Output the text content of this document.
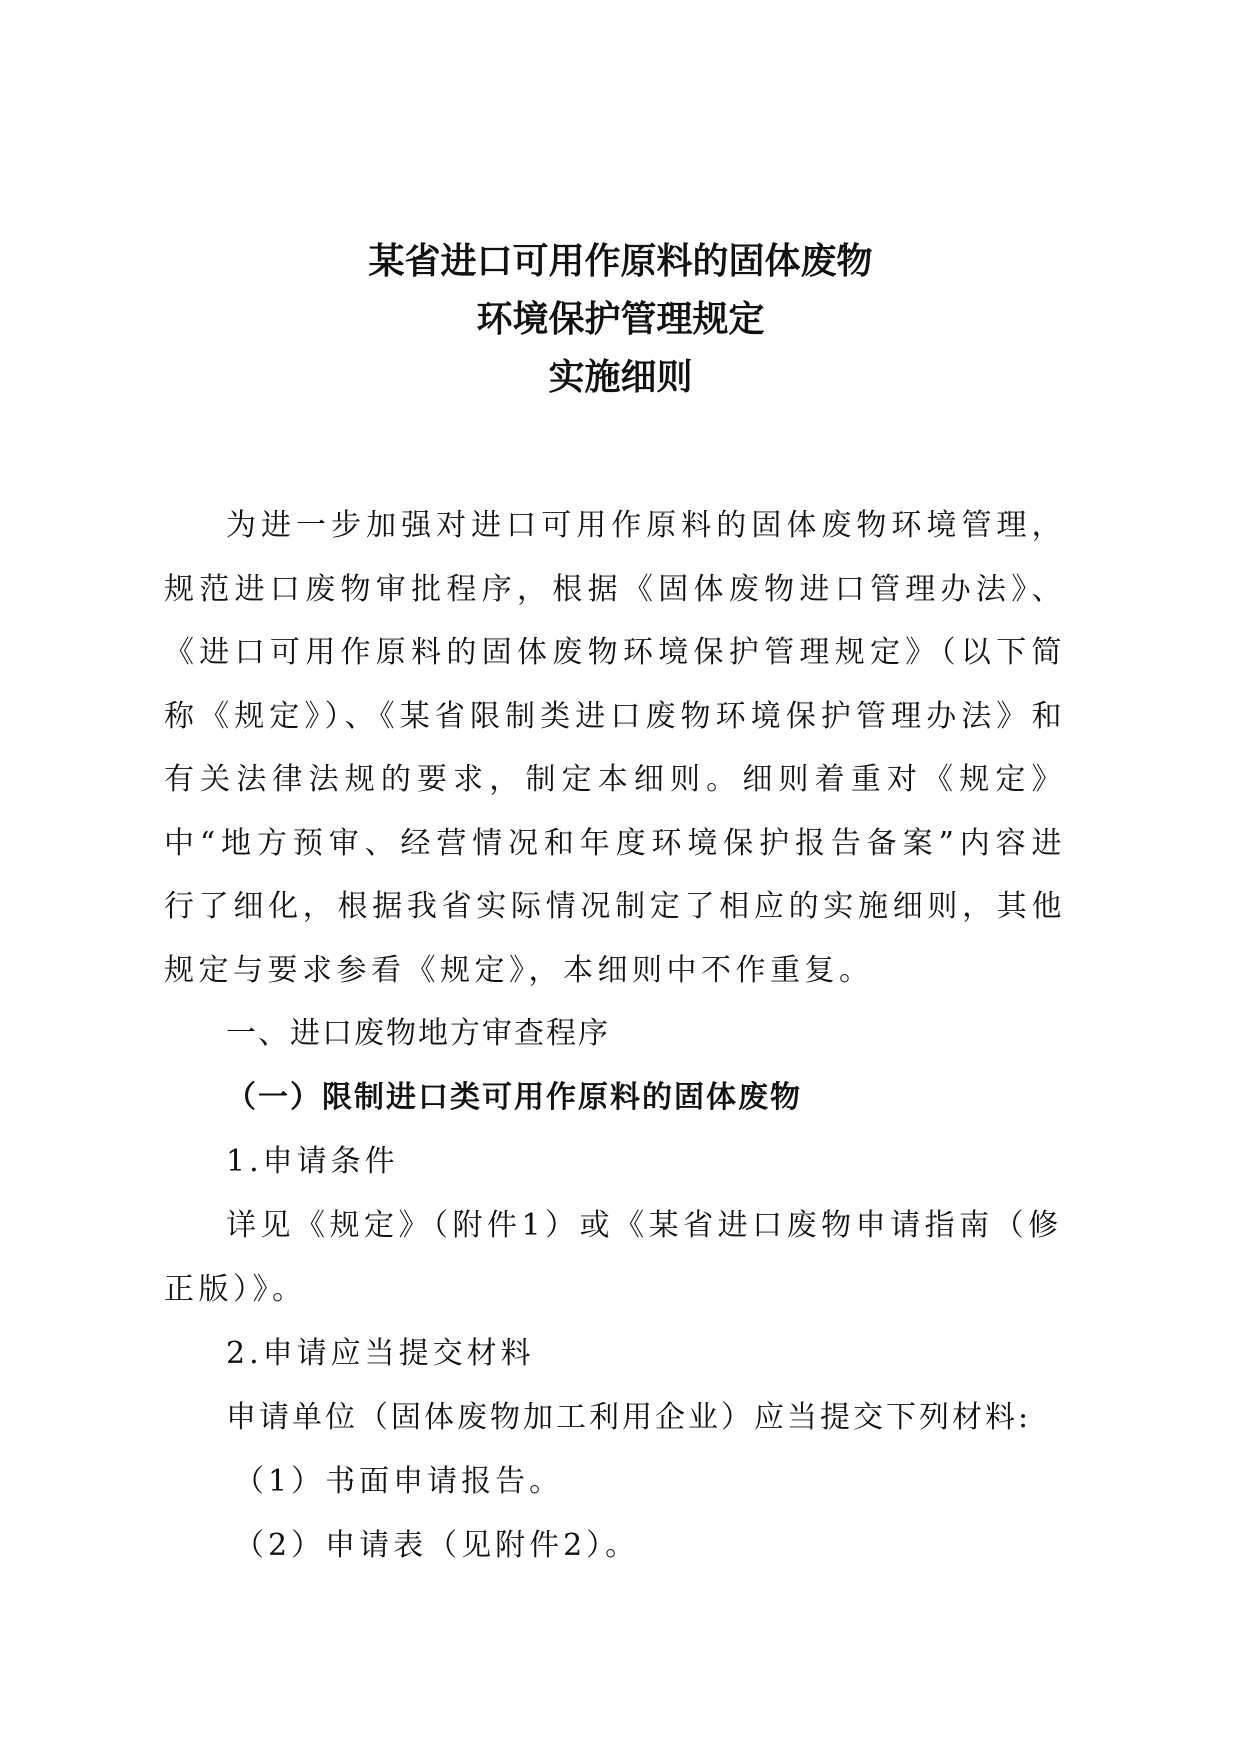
某省进口可用作原料的固体废物
环境保护管理规定
实施细则

为进一步加强对进口可用作原料的固体废物环境管理，规范进口废物审批程序，根据《固体废物进口管理办法》、《进口可用作原料的固体废物环境保护管理规定》（以下简称《规定》）、《某省限制类进口废物环境保护管理办法》和有关法律法规的要求，制定本细则。细则着重对《规定》中“地方预审、经营情况和年度环境保护报告备案”内容进行了细化，根据我省实际情况制定了相应的实施细则，其他规定与要求参看《规定》，本细则中不作重复。

一、进口废物地方审查程序

（一）限制进口类可用作原料的固体废物

1.申请条件

详见《规定》（附件1）或《某省进口废物申请指南（修正版）》。

2.申请应当提交材料

申请单位（固体废物加工利用企业）应当提交下列材料:

（1）书面申请报告。

（2）申请表（见附件2）。
